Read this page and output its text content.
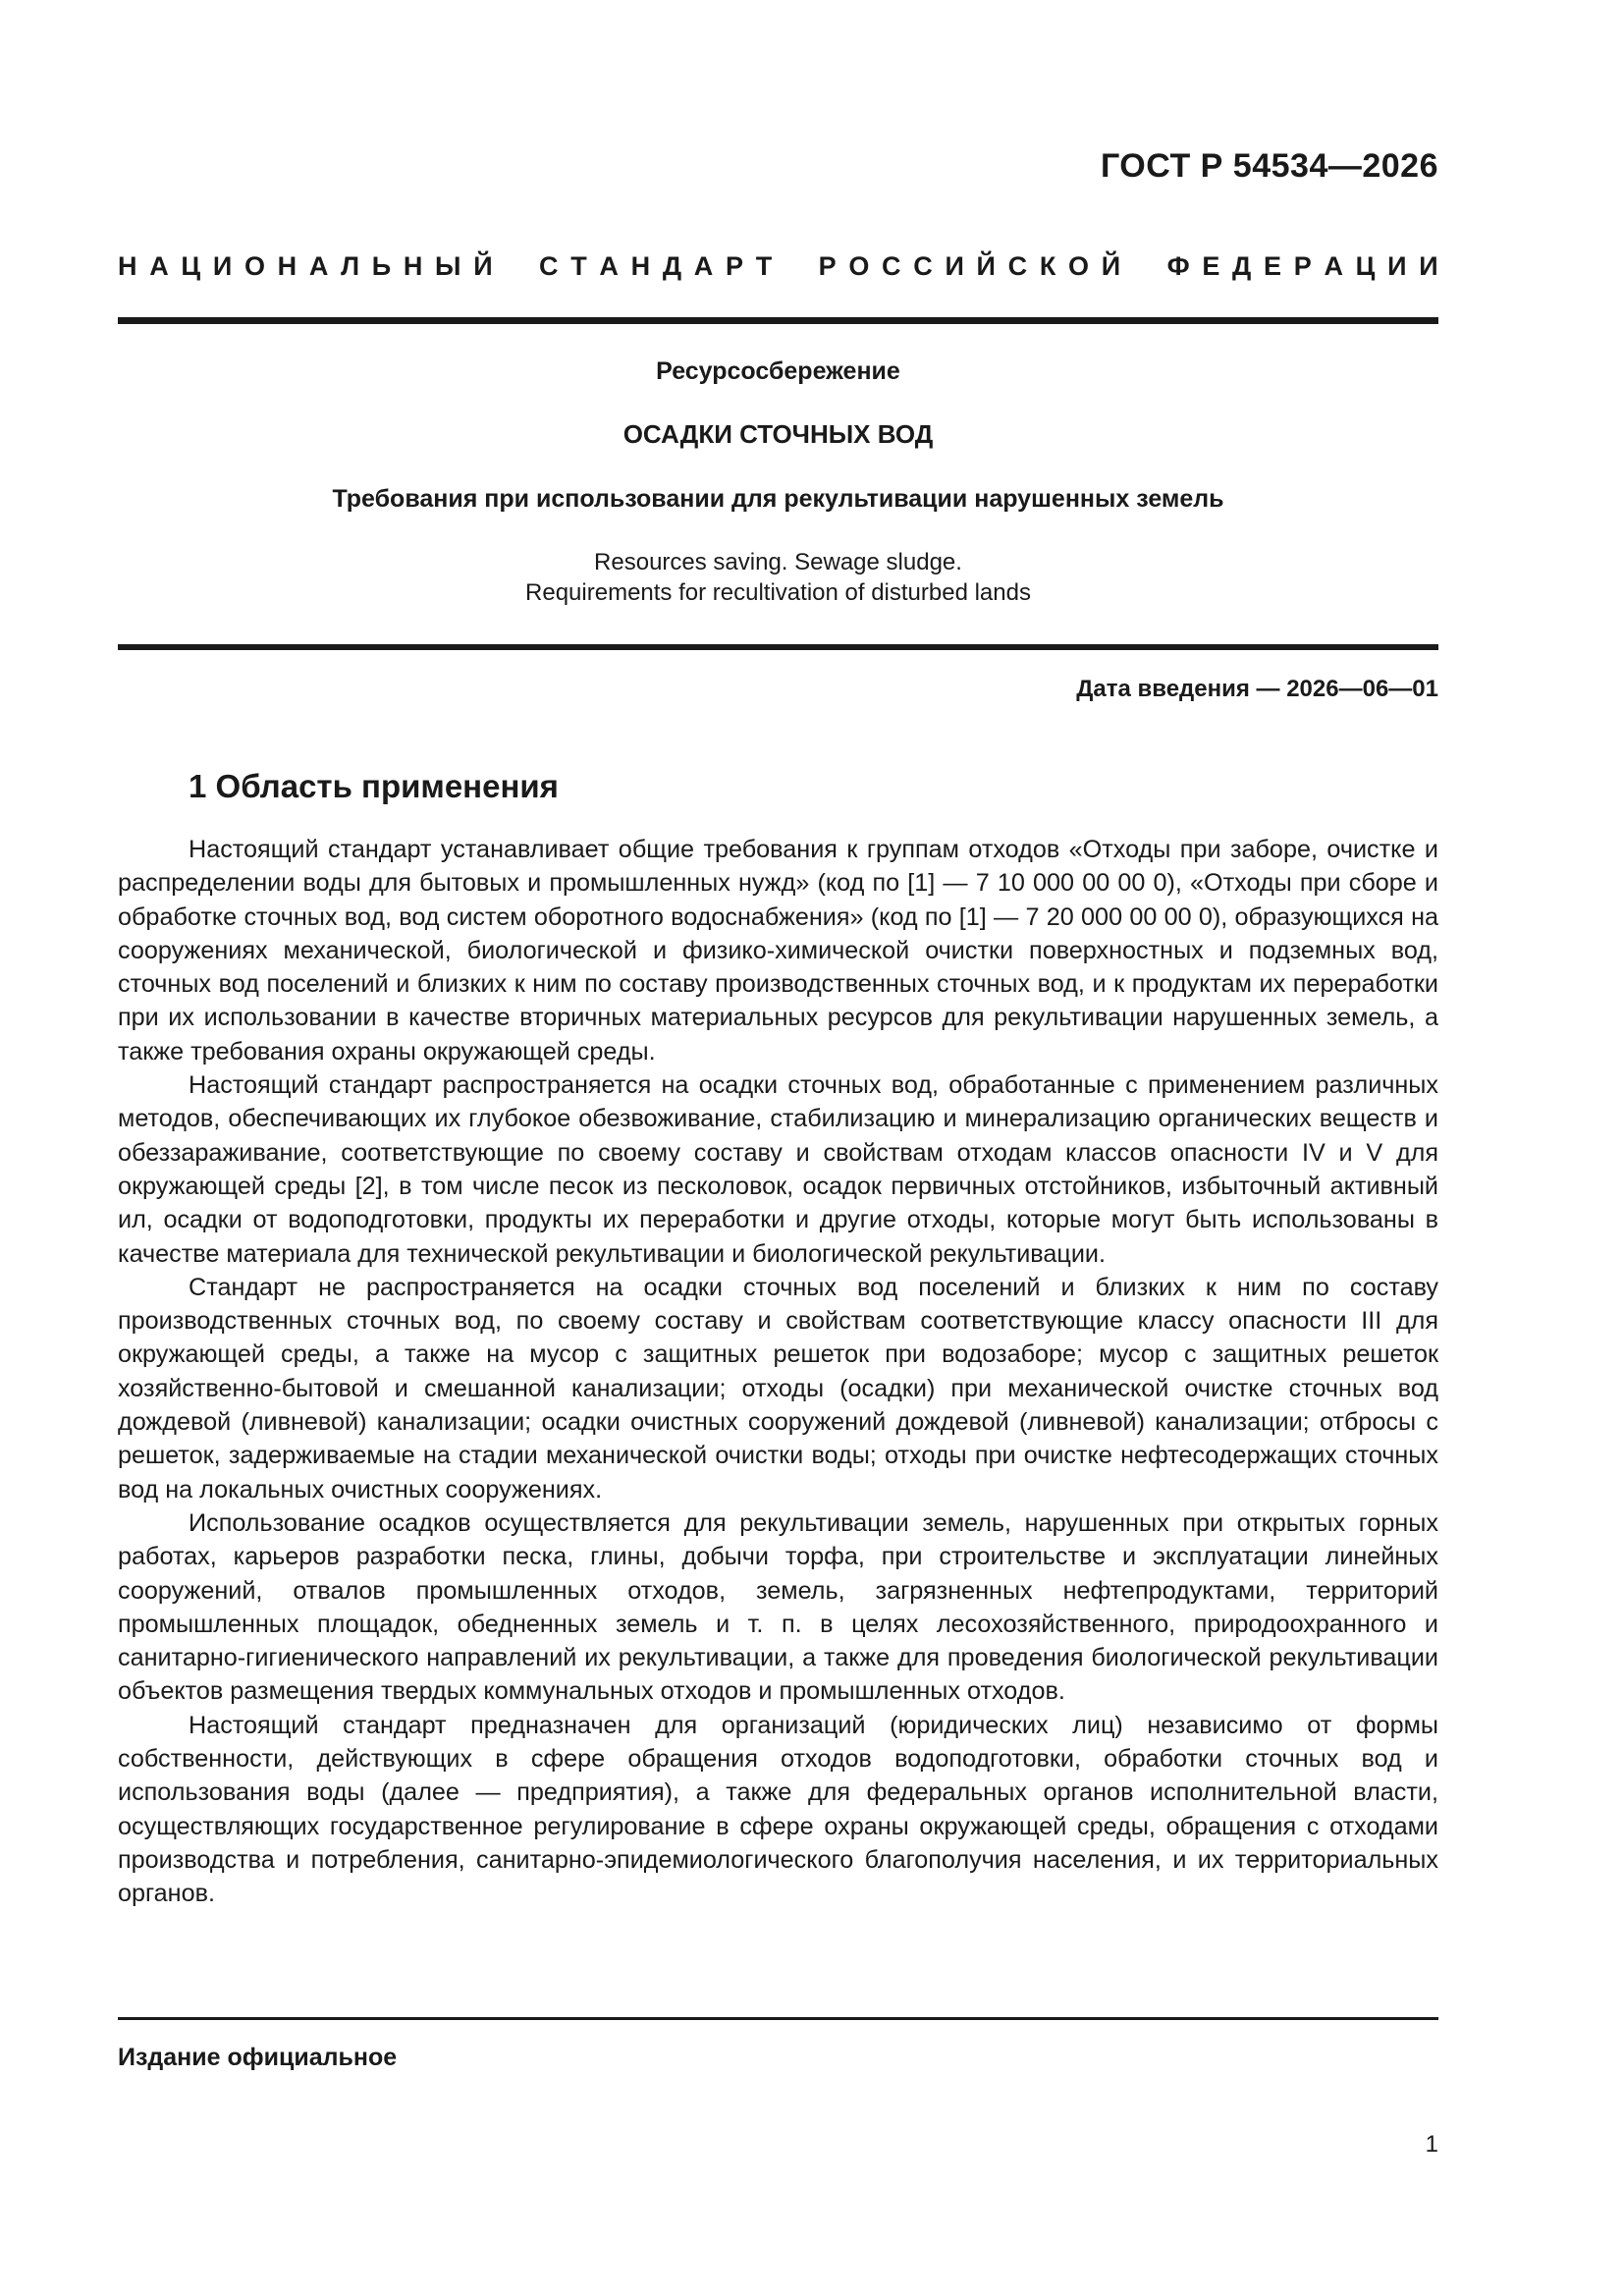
ГОСТ Р 54534—2026

Н А Ц И О Н А Л Ь Н Ы Й С Т А Н Д А Р Т Р О С С И Й С К О Й Ф Е Д Е Р А Ц И И

Ресурсосбережение

ОСАДКИ СТОЧНЫХ ВОД

Требования при использовании для рекультивации нарушенных земель

Resources saving. Sewage sludge.

Requirements for recultivation of disturbed lands

Дата введения — 2026—06—01

1 Область применения

Настоящий стандарт устанавливает общие требования к группам отходов «Отходы при заборе, очистке и распределении воды для бытовых и промышленных нужд» (код по [1] — 7 10 000 00 00 0), «Отходы при сборе и обработке сточных вод, вод систем оборотного водоснабжения» (код по [1] — 7 20 000 00 00 0), образующихся на сооружениях механической, биологической и физико-химической очистки поверхностных и подземных вод, сточных вод поселений и близких к ним по составу производственных сточных вод, и к продуктам их переработки при их использовании в качестве вторичных материальных ресурсов для рекультивации нарушенных земель, а также требования охраны окружающей среды.

Настоящий стандарт распространяется на осадки сточных вод, обработанные с применением различных методов, обеспечивающих их глубокое обезвоживание, стабилизацию и минерализацию органических веществ и обеззараживание, соответствующие по своему составу и свойствам отходам классов опасности IV и V для окружающей среды [2], в том числе песок из песколовок, осадок первичных отстойников, избыточный активный ил, осадки от водоподготовки, продукты их переработки и другие отходы, которые могут быть использованы в качестве материала для технической рекультивации и биологической рекультивации.

Стандарт не распространяется на осадки сточных вод поселений и близких к ним по составу производственных сточных вод, по своему составу и свойствам соответствующие классу опасности III для окружающей среды, а также на мусор с защитных решеток при водозаборе; мусор с защитных решеток хозяйственно-бытовой и смешанной канализации; отходы (осадки) при механической очистке сточных вод дождевой (ливневой) канализации; осадки очистных сооружений дождевой (ливневой) канализации; отбросы с решеток, задерживаемые на стадии механической очистки воды; отходы при очистке нефтесодержащих сточных вод на локальных очистных сооружениях.

Использование осадков осуществляется для рекультивации земель, нарушенных при открытых горных работах, карьеров разработки песка, глины, добычи торфа, при строительстве и эксплуатации линейных сооружений, отвалов промышленных отходов, земель, загрязненных нефтепродуктами, территорий промышленных площадок, обедненных земель и т. п. в целях лесохозяйственного, природоохранного и санитарно-гигиенического направлений их рекультивации, а также для проведения биологической рекультивации объектов размещения твердых коммунальных отходов и промышленных отходов.

Настоящий стандарт предназначен для организаций (юридических лиц) независимо от формы собственности, действующих в сфере обращения отходов водоподготовки, обработки сточных вод и использования воды (далее — предприятия), а также для федеральных органов исполнительной власти, осуществляющих государственное регулирование в сфере охраны окружающей среды, обращения с отходами производства и потребления, санитарно-эпидемиологического благополучия населения, и их территориальных органов.

Издание официальное

1
